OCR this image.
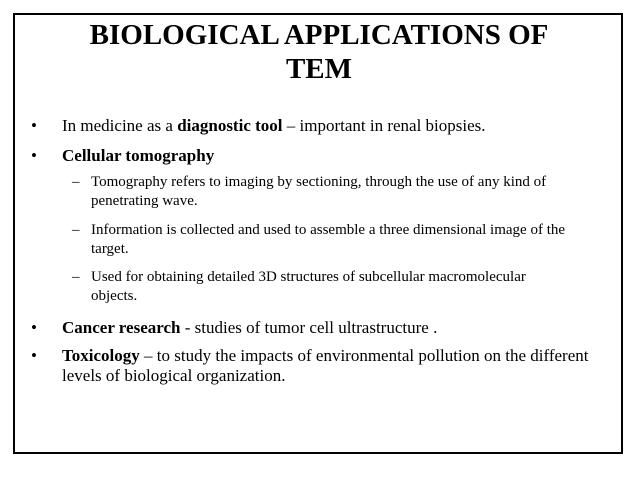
BIOLOGICAL APPLICATIONS OF
TEM
• In medicine as a diagnostic tool – important in renal biopsies.
• Cellular tomography
– Tomography refers to imaging by sectioning, through the use of any kind of penetrating wave.
– Information is collected and used to assemble a three dimensional image of the target.
– Used for obtaining detailed 3D structures of subcellular macromolecular objects.
• Cancer research - studies of tumor cell ultrastructure .
• Toxicology – to study the impacts of environmental pollution on the different levels of biological organization.
